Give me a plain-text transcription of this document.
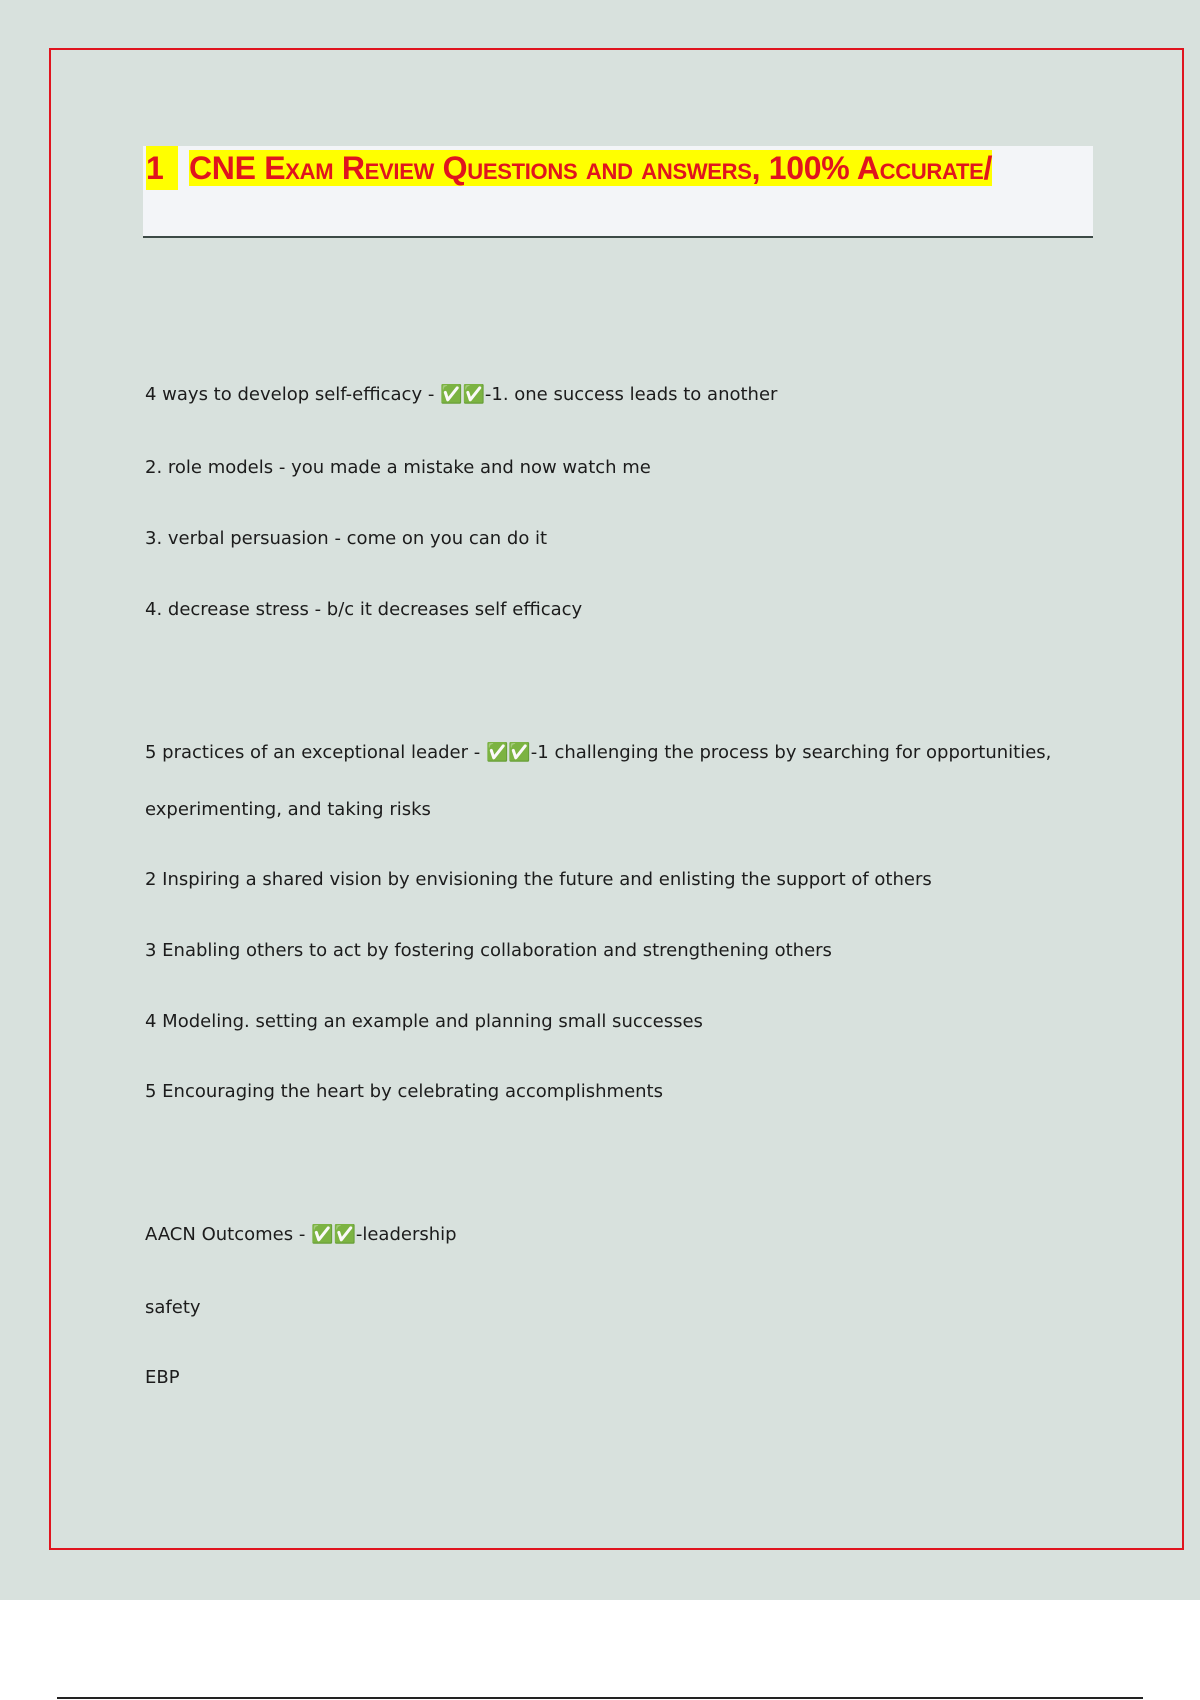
1 CNE Exam Review Questions and answers, 100% Accurate/
4 ways to develop self-efficacy - ✅✅-1. one success leads to another
2. role models - you made a mistake and now watch me
3. verbal persuasion - come on you can do it
4. decrease stress - b/c it decreases self efficacy
5 practices of an exceptional leader - ✅✅-1 challenging the process by searching for opportunities,
experimenting, and taking risks
2 Inspiring a shared vision by envisioning the future and enlisting the support of others
3 Enabling others to act by fostering collaboration and strengthening others
4 Modeling. setting an example and planning small successes
5 Encouraging the heart by celebrating accomplishments
AACN Outcomes - ✅✅-leadership
safety
EBP
